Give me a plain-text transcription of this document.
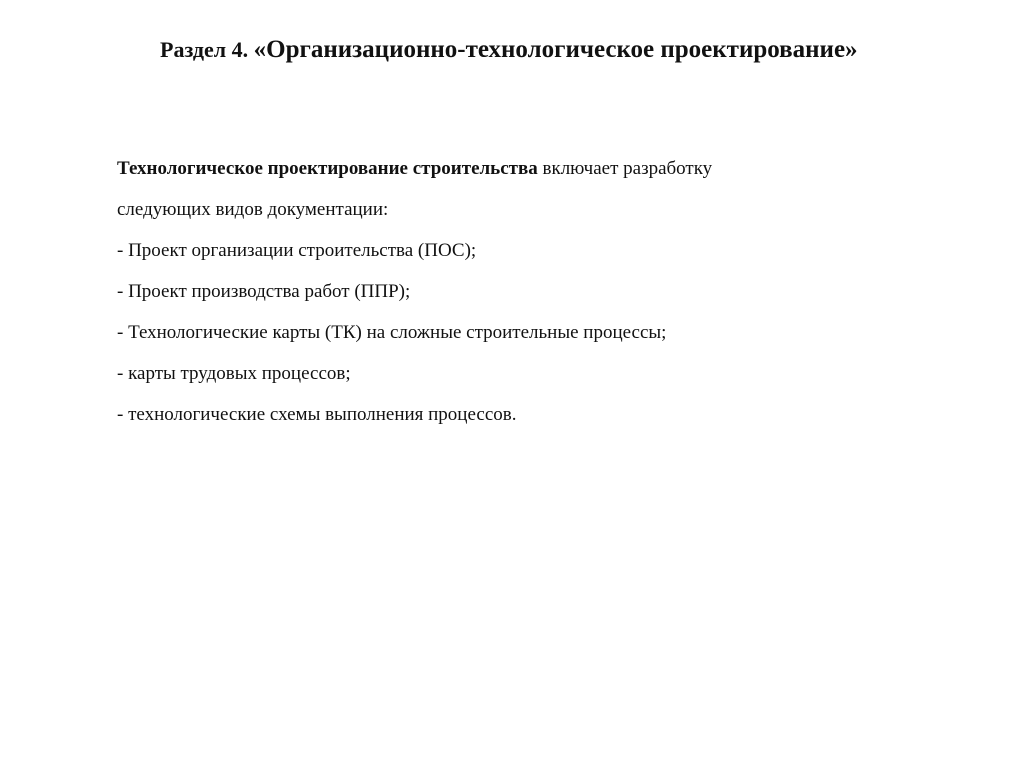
Раздел 4. «Организационно-технологическое проектирование»

Технологическое проектирование строительства включает разработку

следующих видов документации:

- Проект организации строительства (ПОС);

- Проект производства работ (ППР);

- Технологические карты (ТК) на сложные строительные процессы;

- карты трудовых процессов;

- технологические схемы выполнения процессов.
